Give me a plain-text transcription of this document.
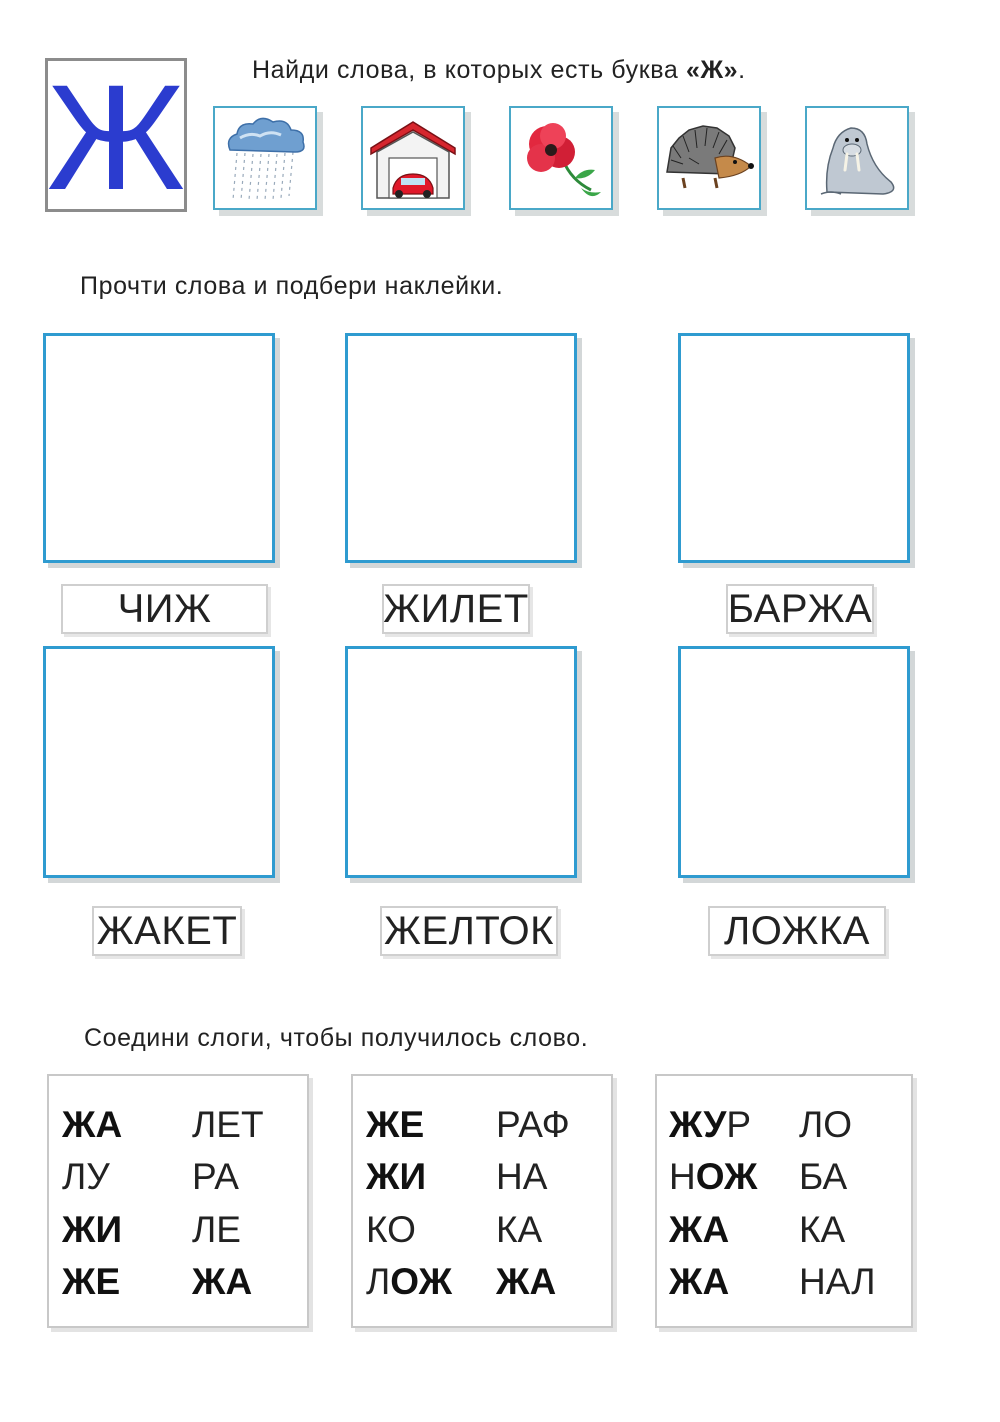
Ж	Найди слова, в которых есть буква «Ж».
Прочти слова и подбери наклейки.
ЧИЖ	ЖИЛЕТ	БАРЖА
ЖАКЕТ	ЖЕЛТОК	ЛОЖКА
Соедини слоги, чтобы получилось слово.
ЖА ЛЕТ
ЛУ РА
ЖИ ЛЕ
ЖЕ ЖА
ЖЕ РАФ
ЖИ НА
КО КА
ЛОЖ ЖА
ЖУР ЛО
НОЖ БА
ЖА КА
ЖА НАЛ
